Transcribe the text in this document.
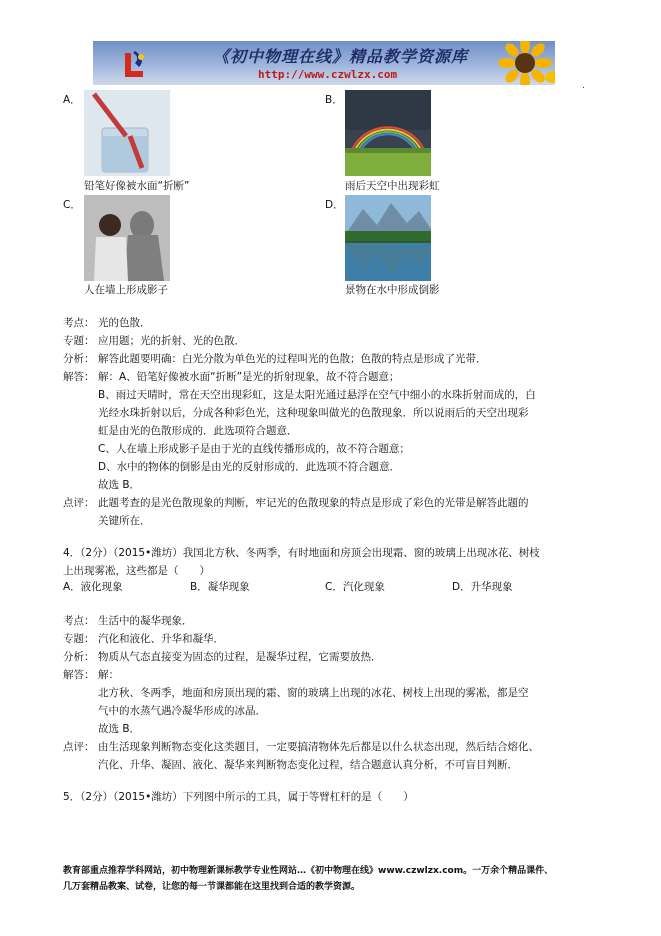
《初中物理在线》精品教学资源库
http://www.czwlzx.com
.
A．
铅笔好像被水面“折断”
B．
雨后天空中出现彩虹
C．
人在墙上形成影子
D．
景物在水中形成倒影
考点： 光的色散．
专题： 应用题；光的折射、光的色散．
分析： 解答此题要明确：白光分散为单色光的过程叫光的色散；色散的特点是形成了光带．
解答： 解：A、铅笔好像被水面“折断”是光的折射现象，故不符合题意；
B、雨过天晴时，常在天空出现彩虹，这是太阳光通过悬浮在空气中细小的水珠折射而成的，白
光经水珠折射以后，分成各种彩色光，这种现象叫做光的色散现象．所以说雨后的天空出现彩
虹是由光的色散形成的．此选项符合题意．
C、人在墙上形成影子是由于光的直线传播形成的，故不符合题意；
D、水中的物体的倒影是由光的反射形成的．此选项不符合题意．
故选 B．
点评： 此题考查的是光色散现象的判断，牢记光的色散现象的特点是形成了彩色的光带是解答此题的
关键所在．
4．（2分）（2015•潍坊）我国北方秋、冬两季，有时地面和房顶会出现霜、窗的玻璃上出现冰花、树枝
上出现雾凇，这些都是（　　）
A．液化现象	B．凝华现象	C．汽化现象	D．升华现象
考点： 生活中的凝华现象．
专题： 汽化和液化、升华和凝华．
分析： 物质从气态直接变为固态的过程，是凝华过程，它需要放热．
解答： 解：
北方秋、冬两季，地面和房顶出现的霜、窗的玻璃上出现的冰花、树枝上出现的雾凇，都是空
气中的水蒸气遇冷凝华形成的冰晶．
故选 B．
点评： 由生活现象判断物态变化这类题目，一定要搞清物体先后都是以什么状态出现，然后结合熔化、
汽化、升华、凝固、液化、凝华来判断物态变化过程，结合题意认真分析，不可盲目判断．
5．（2分）（2015•潍坊）下列图中所示的工具，属于等臂杠杆的是（　　）
教育部重点推荐学科网站，初中物理新课标教学专业性网站…《初中物理在线》www.czwlzx.com。一万余个精品课件、
几万套精品教案、试卷，让您的每一节课都能在这里找到合适的教学资源。
